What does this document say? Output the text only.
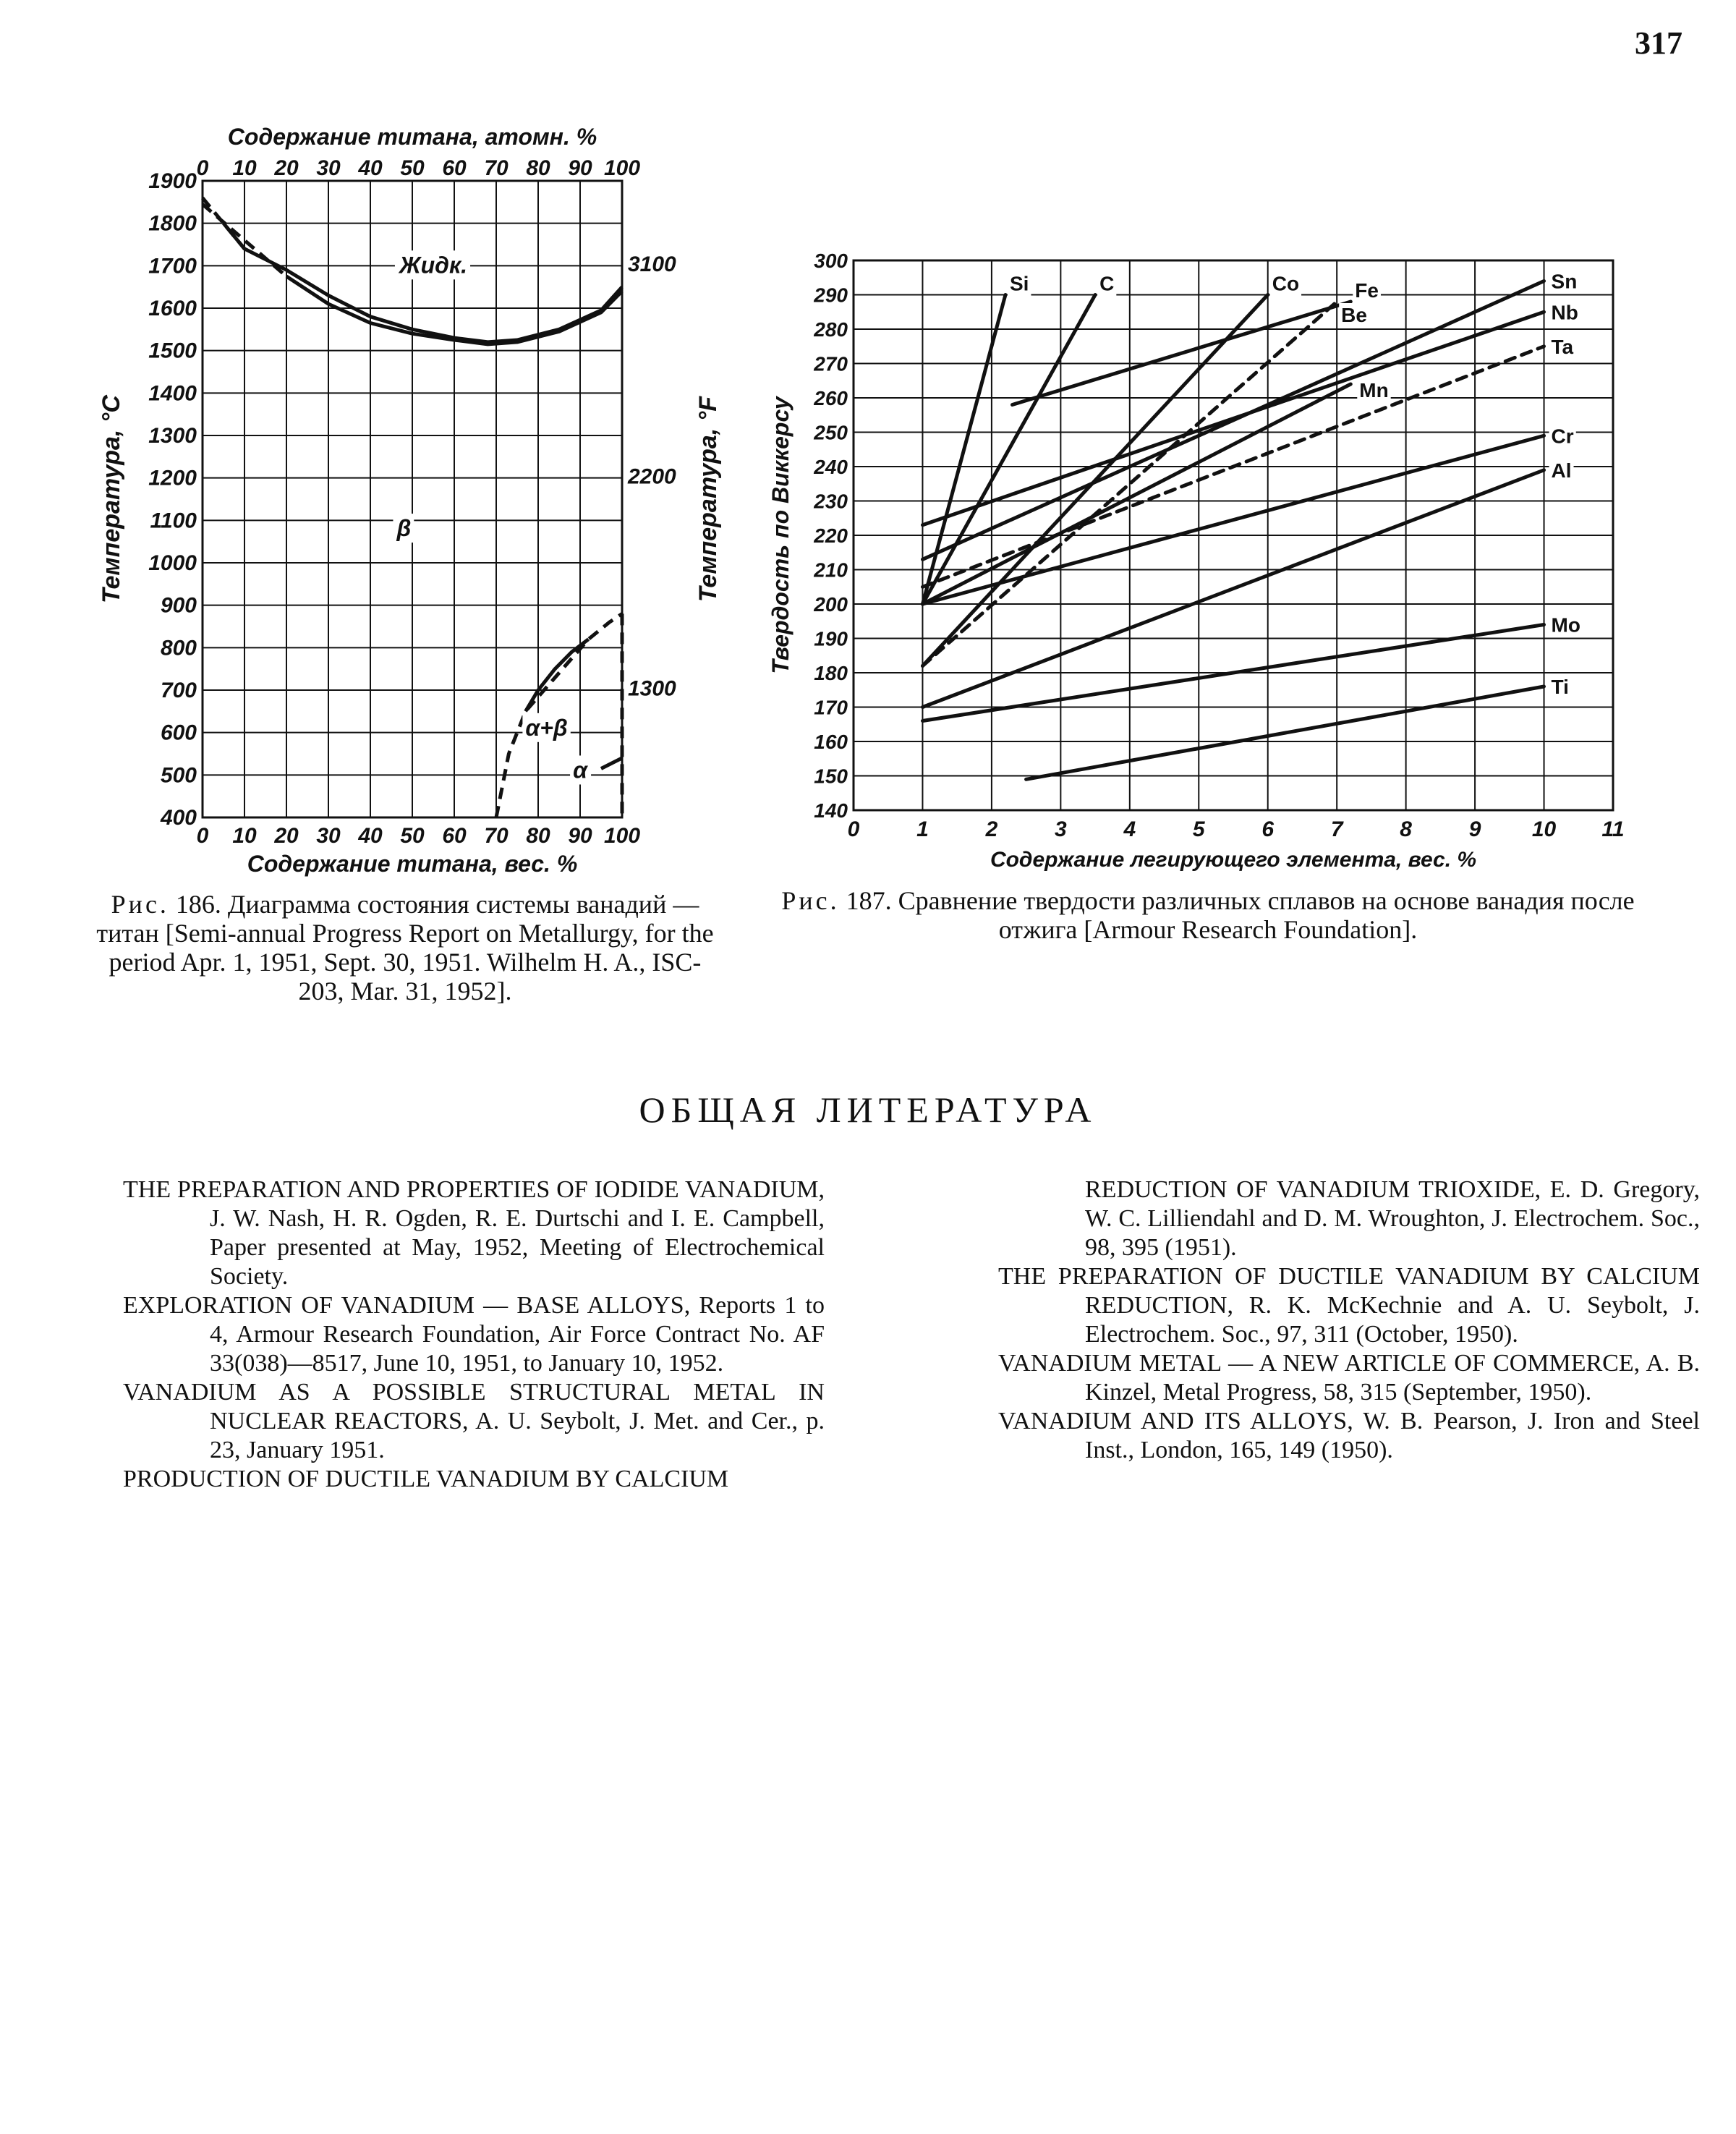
317
0 10 20 30 40 50 60 70 80 90 100
0 10 20 30 40 50 60 70 80 90 100
400
500
600
700
800
900
1000
1100
1200
1300
1400
1500
1600
1700
1800
1900
3100
2200
1300
Содержание титана, атомн. %
Содержание титана, вес. %
Температура, °C	Температура, °F
Жидк.
β
α+β
α
Рис. 186. Диаграмма состояния системы ванадий — титан [Semi-annual Progress Report on Metallurgy, for the period Apr. 1, 1951, Sept. 30, 1951. Wilhelm H. A., ISC-203, Mar. 31, 1952].
0	1	2	3	4	5	6	7	8	9 10 11
140
150
160
170
180
190
200
210
220
230
240
250
260
270
280
290
300
Содержание легирующего элемента, вес. %
Твердость по Виккерсу
Si	C	Co	Fe
Be
Mn
Sn
Nb
Ta
Cr
Al
Mo
Ti
Рис. 187. Сравнение твердости различных сплавов на основе ванадия после отжига [Armour Research Foundation].
ОБЩАЯ ЛИТЕРАТУРА

THE PREPARATION AND PROPERTIES OF IODIDE VANADIUM, J. W. Nash, H. R. Ogden, R. E. Durtschi and I. E. Campbell, Paper presented at May, 1952, Meeting of Electrochemical Society.

EXPLORATION OF VANADIUM — BASE ALLOYS, Reports 1 to 4, Armour Research Foundation, Air Force Contract No. AF 33(038)—8517, June 10, 1951, to January 10, 1952.

VANADIUM AS A POSSIBLE STRUCTURAL METAL IN NUCLEAR REACTORS, A. U. Seybolt, J. Met. and Cer., p. 23, January 1951.

PRODUCTION OF DUCTILE VANADIUM BY CALCIUM

REDUCTION OF VANADIUM TRIOXIDE, E. D. Gregory, W. C. Lilliendahl and D. M. Wroughton, J. Electrochem. Soc., 98, 395 (1951).

THE PREPARATION OF DUCTILE VANADIUM BY CALCIUM REDUCTION, R. K. McKechnie and A. U. Seybolt, J. Electrochem. Soc., 97, 311 (October, 1950).

VANADIUM METAL — A NEW ARTICLE OF COMMERCE, A. B. Kinzel, Metal Progress, 58, 315 (September, 1950).

VANADIUM AND ITS ALLOYS, W. B. Pearson, J. Iron and Steel Inst., London, 165, 149 (1950).
